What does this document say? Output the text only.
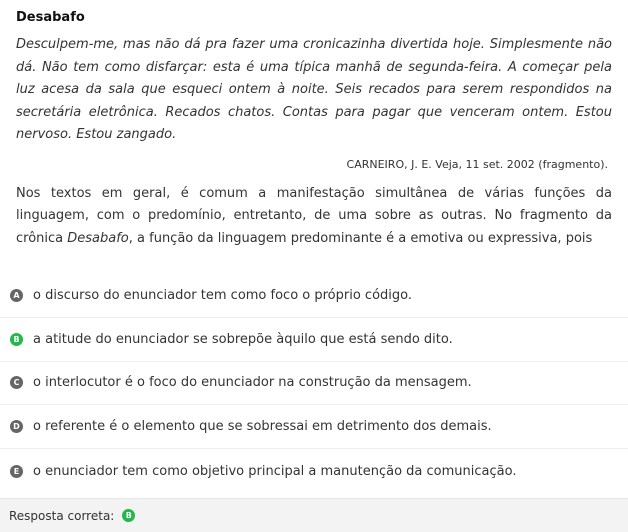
Desabafo

Desculpem-me, mas não dá pra fazer uma cronicazinha divertida hoje. Simplesmente não dá. Não tem como disfarçar: esta é uma típica manhã de segunda-feira. A começar pela luz acesa da sala que esqueci ontem à noite. Seis recados para serem respondidos na secretária eletrônica. Recados chatos. Contas para pagar que venceram ontem. Estou nervoso. Estou zangado.

CARNEIRO, J. E. Veja, 11 set. 2002 (fragmento).

Nos textos em geral, é comum a manifestação simultânea de várias funções da linguagem, com o predomínio, entretanto, de uma sobre as outras. No fragmento da crônica Desabafo, a função da linguagem predominante é a emotiva ou expressiva, pois

A o discurso do enunciador tem como foco o próprio código.
B a atitude do enunciador se sobrepõe àquilo que está sendo dito.
C o interlocutor é o foco do enunciador na construção da mensagem.
D o referente é o elemento que se sobressai em detrimento dos demais.
E o enunciador tem como objetivo principal a manutenção da comunicação.
Resposta correta:	B
